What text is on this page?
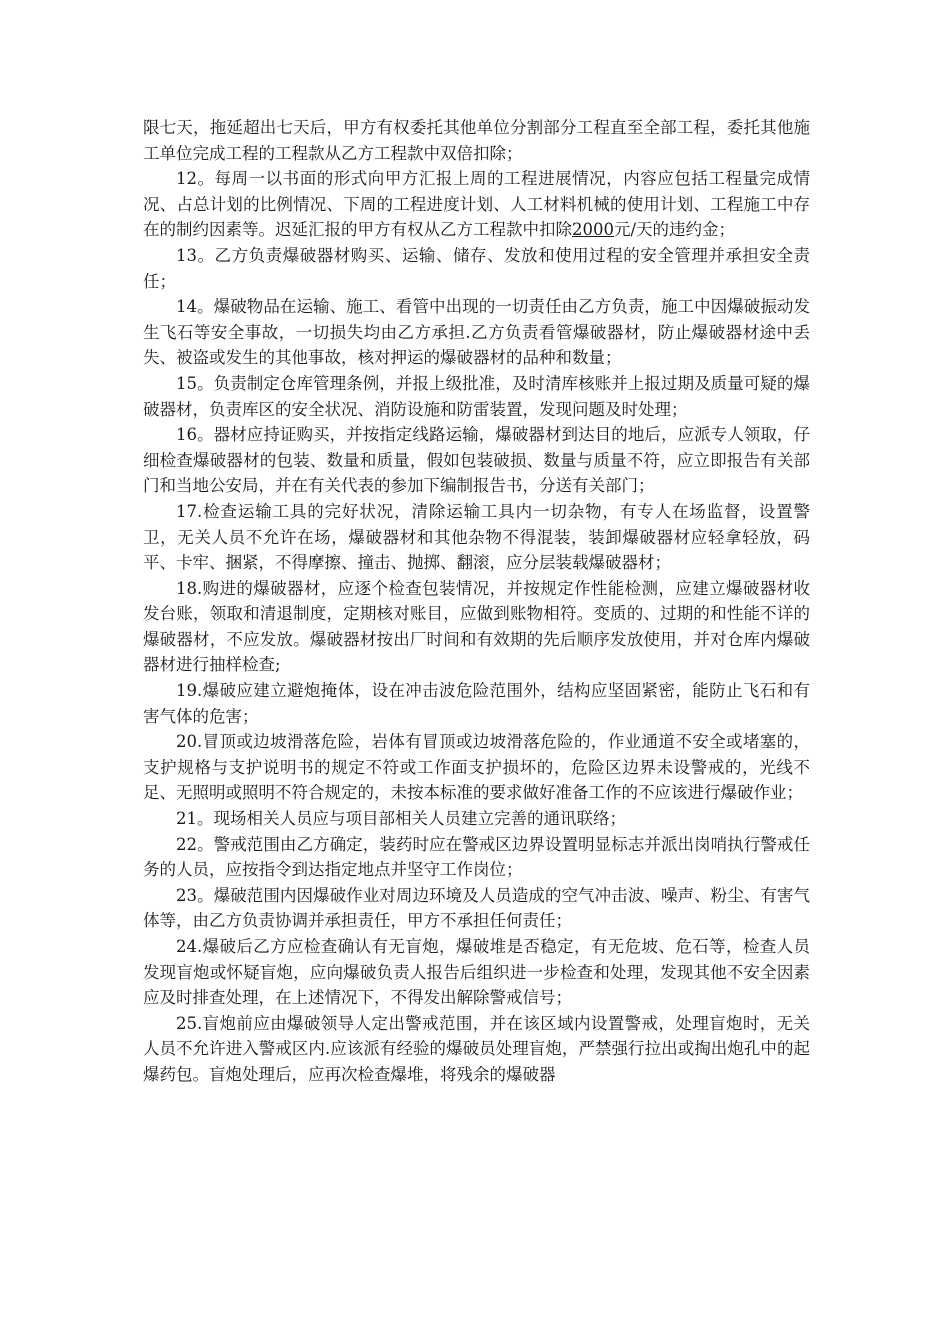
限七天，拖延超出七天后，甲方有权委托其他单位分割部分工程直至全部工程，委托其他施工单位完成工程的工程款从乙方工程款中双倍扣除；

12。每周一以书面的形式向甲方汇报上周的工程进展情况，内容应包括工程量完成情况、占总计划的比例情况、下周的工程进度计划、人工材料机械的使用计划、工程施工中存在的制约因素等。迟延汇报的甲方有权从乙方工程款中扣除2000元/天的违约金；

13。乙方负责爆破器材购买、运输、储存、发放和使用过程的安全管理并承担安全责任；

14。爆破物品在运输、施工、看管中出现的一切责任由乙方负责，施工中因爆破振动发生飞石等安全事故，一切损失均由乙方承担.乙方负责看管爆破器材，防止爆破器材途中丢失、被盗或发生的其他事故，核对押运的爆破器材的品种和数量；

15。负责制定仓库管理条例，并报上级批准，及时清库核账并上报过期及质量可疑的爆破器材，负责库区的安全状况、消防设施和防雷装置，发现问题及时处理；

16。器材应持证购买，并按指定线路运输，爆破器材到达目的地后，应派专人领取，仔细检查爆破器材的包装、数量和质量，假如包装破损、数量与质量不符，应立即报告有关部门和当地公安局，并在有关代表的参加下编制报告书，分送有关部门；

17.检查运输工具的完好状况，清除运输工具内一切杂物，有专人在场监督，设置警卫，无关人员不允许在场，爆破器材和其他杂物不得混装，装卸爆破器材应轻拿轻放，码平、卡牢、捆紧，不得摩擦、撞击、抛掷、翻滚，应分层装载爆破器材；

18.购进的爆破器材，应逐个检查包装情况，并按规定作性能检测，应建立爆破器材收发台账，领取和清退制度，定期核对账目，应做到账物相符。变质的、过期的和性能不详的爆破器材，不应发放。爆破器材按出厂时间和有效期的先后顺序发放使用，并对仓库内爆破器材进行抽样检查;

19.爆破应建立避炮掩体，设在冲击波危险范围外，结构应坚固紧密，能防止飞石和有害气体的危害；

20.冒顶或边坡滑落危险，岩体有冒顶或边坡滑落危险的，作业通道不安全或堵塞的，支护规格与支护说明书的规定不符或工作面支护损坏的，危险区边界未设警戒的，光线不足、无照明或照明不符合规定的，未按本标准的要求做好准备工作的不应该进行爆破作业；

21。现场相关人员应与项目部相关人员建立完善的通讯联络；

22。警戒范围由乙方确定，装药时应在警戒区边界设置明显标志并派出岗哨执行警戒任务的人员，应按指令到达指定地点并坚守工作岗位；

23。爆破范围内因爆破作业对周边环境及人员造成的空气冲击波、噪声、粉尘、有害气体等，由乙方负责协调并承担责任，甲方不承担任何责任；

24.爆破后乙方应检查确认有无盲炮，爆破堆是否稳定，有无危坡、危石等，检查人员发现盲炮或怀疑盲炮，应向爆破负责人报告后组织进一步检查和处理，发现其他不安全因素应及时排查处理，在上述情况下，不得发出解除警戒信号；

25.盲炮前应由爆破领导人定出警戒范围，并在该区域内设置警戒，处理盲炮时，无关人员不允许进入警戒区内.应该派有经验的爆破员处理盲炮，严禁强行拉出或掏出炮孔中的起爆药包。盲炮处理后，应再次检查爆堆，将残余的爆破器
